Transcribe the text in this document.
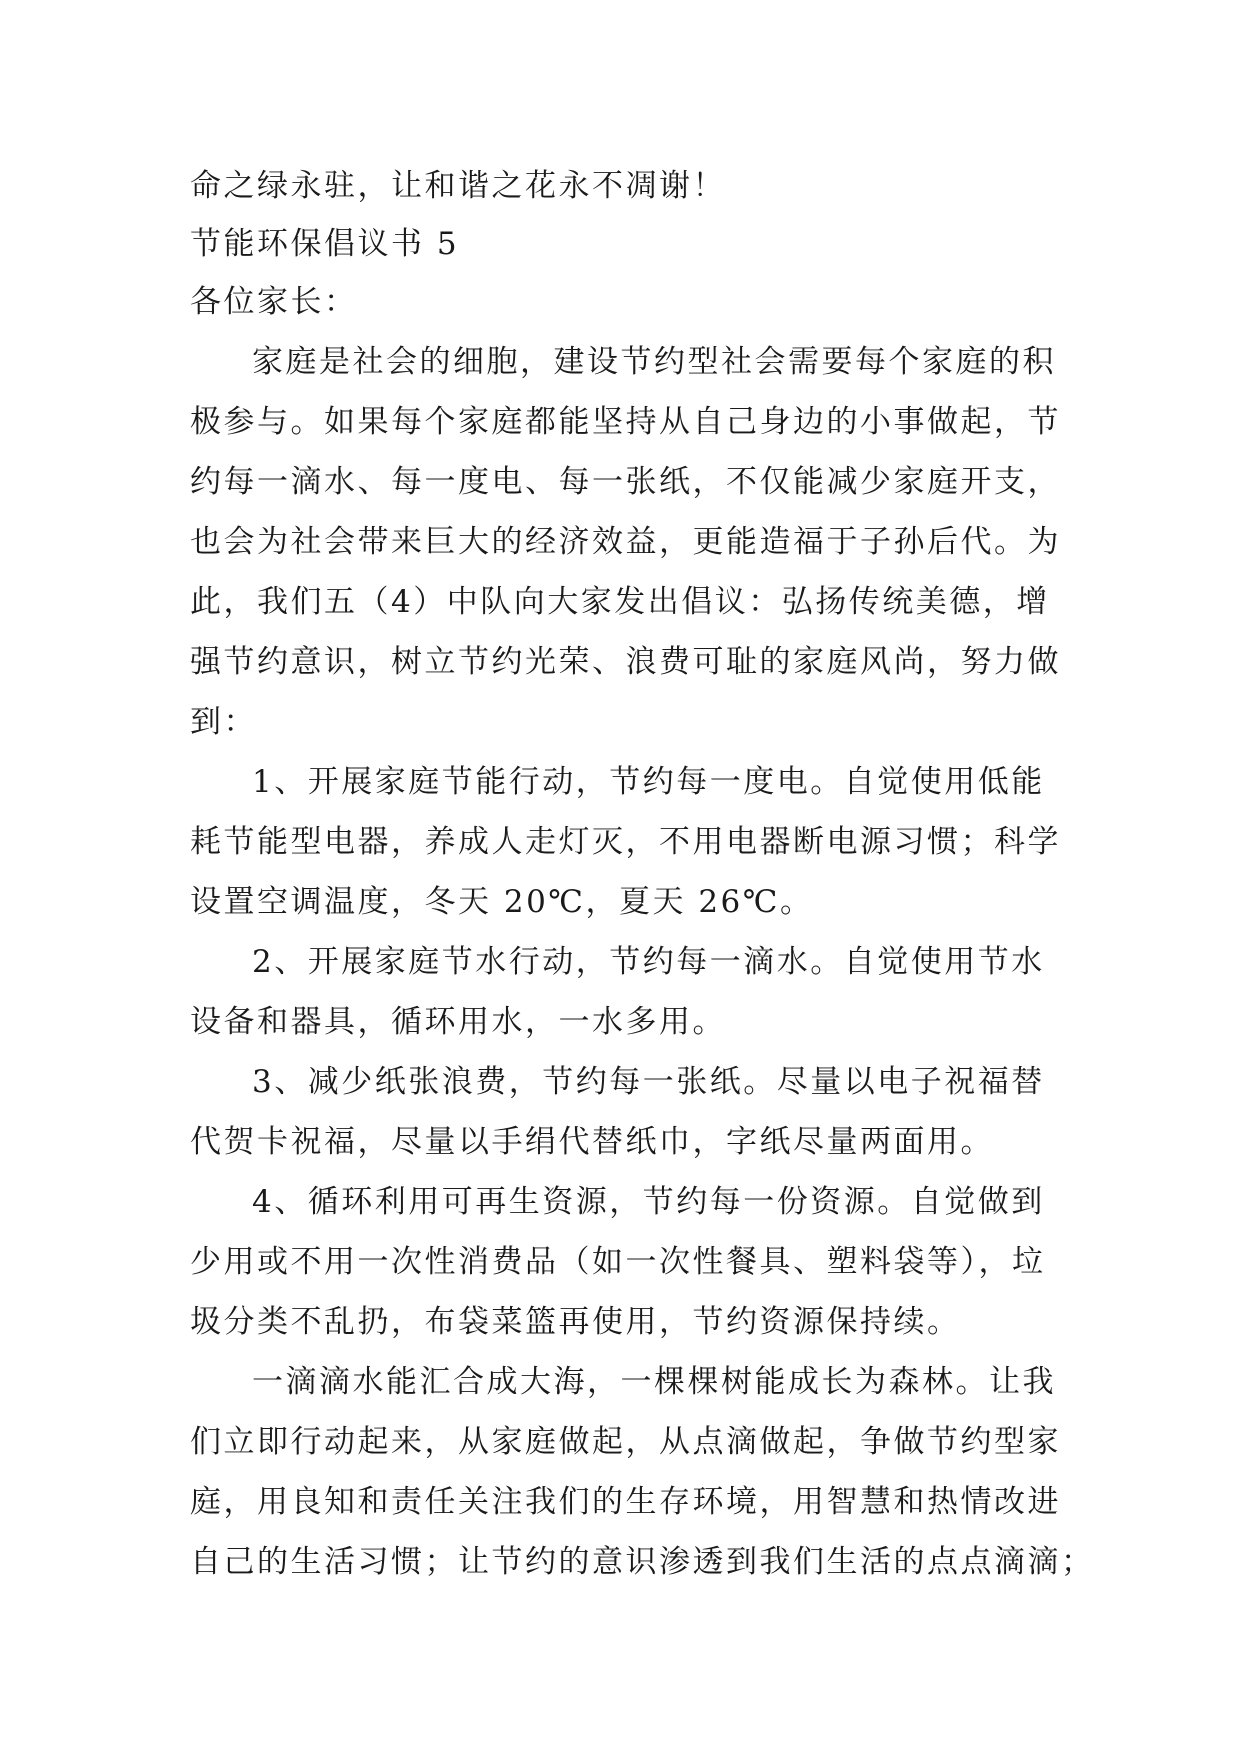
命之绿永驻，让和谐之花永不凋谢！
节能环保倡议书 5
各位家长：
家庭是社会的细胞，建设节约型社会需要每个家庭的积
极参与。如果每个家庭都能坚持从自己身边的小事做起，节
约每一滴水、每一度电、每一张纸，不仅能减少家庭开支，
也会为社会带来巨大的经济效益，更能造福于子孙后代。为
此，我们五（4）中队向大家发出倡议：弘扬传统美德，增
强节约意识，树立节约光荣、浪费可耻的家庭风尚，努力做
到：
1、开展家庭节能行动，节约每一度电。自觉使用低能
耗节能型电器，养成人走灯灭，不用电器断电源习惯；科学
设置空调温度，冬天 20℃，夏天 26℃。
2、开展家庭节水行动，节约每一滴水。自觉使用节水
设备和器具，循环用水，一水多用。
3、减少纸张浪费，节约每一张纸。尽量以电子祝福替
代贺卡祝福，尽量以手绢代替纸巾，字纸尽量两面用。
4、循环利用可再生资源，节约每一份资源。自觉做到
少用或不用一次性消费品（如一次性餐具、塑料袋等），垃
圾分类不乱扔，布袋菜篮再使用，节约资源保持续。
一滴滴水能汇合成大海，一棵棵树能成长为森林。让我
们立即行动起来，从家庭做起，从点滴做起，争做节约型家
庭，用良知和责任关注我们的生存环境，用智慧和热情改进
自己的生活习惯；让节约的意识渗透到我们生活的点点滴滴；
